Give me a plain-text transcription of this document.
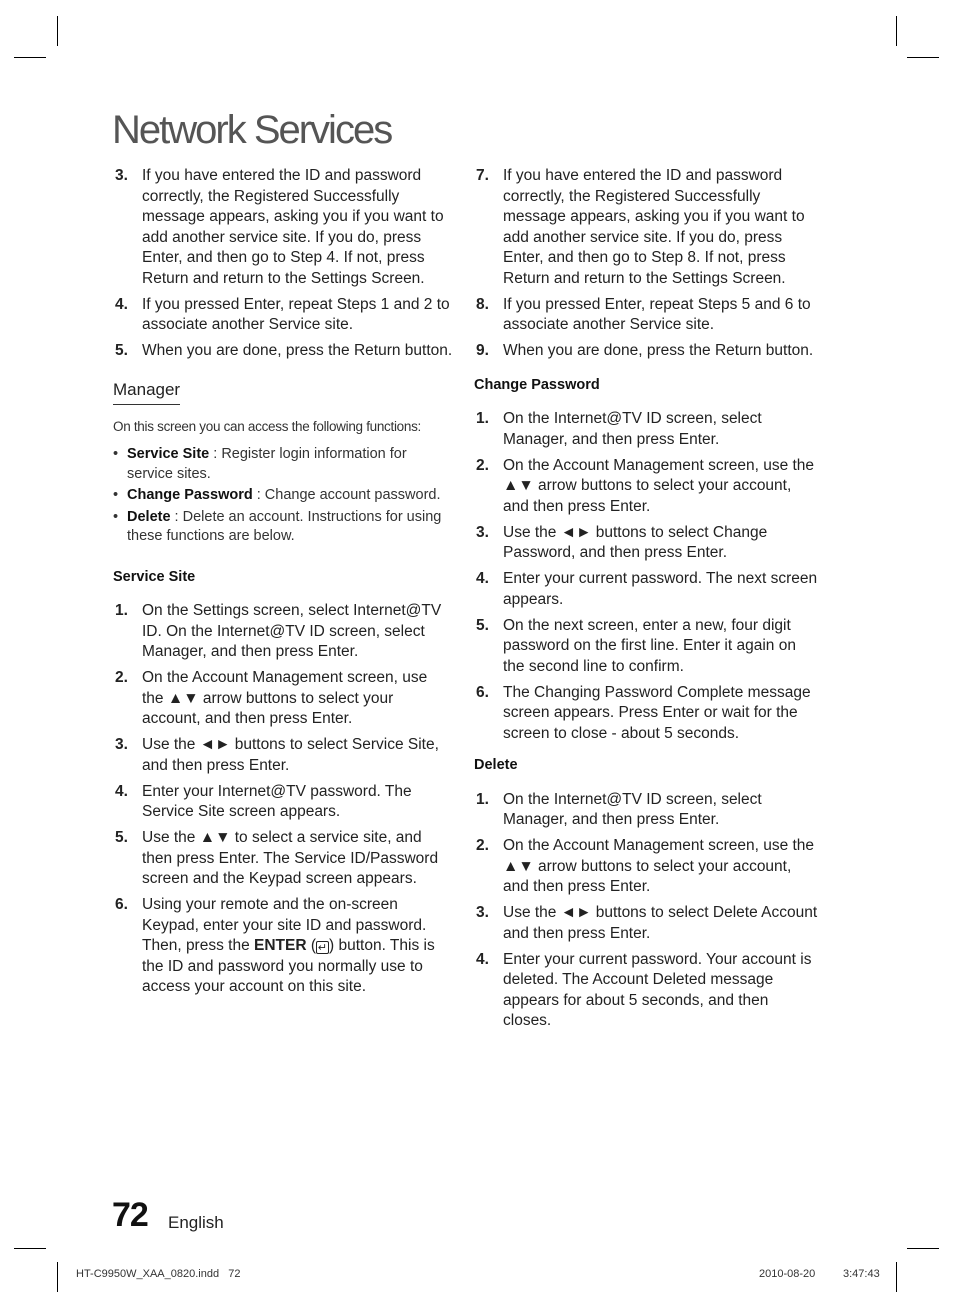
Network Services
3. If you have entered the ID and password correctly, the Registered Successfully message appears, asking you if you want to add another service site. If you do, press Enter, and then go to Step 4. If not, press Return and return to the Settings Screen.
4. If you pressed Enter, repeat Steps 1 and 2 to associate another Service site.
5. When you are done, press the Return button.
Manager

On this screen you can access the following functions:

• Service Site : Register login information for service sites.
• Change Password : Change account password.
• Delete : Delete an account. Instructions for using these functions are below.
Service Site
1. On the Settings screen, select Internet@TV ID. On the Internet@TV ID screen, select Manager, and then press Enter.
2. On the Account Management screen, use the ▲▼ arrow buttons to select your account, and then press Enter.
3. Use the ◄► buttons to select Service Site, and then press Enter.
4. Enter your Internet@TV password. The Service Site screen appears.
5. Use the ▲▼ to select a service site, and then press Enter. The Service ID/Password screen and the Keypad screen appears.
6. Using your remote and the on-screen Keypad, enter your site ID and password. Then, press the ENTER ( ↵ ) button. This is the ID and password you normally use to access your account on this site.
7. If you have entered the ID and password correctly, the Registered Successfully message appears, asking you if you want to add another service site. If you do, press Enter, and then go to Step 8. If not, press Return and return to the Settings Screen.
8. If you pressed Enter, repeat Steps 5 and 6 to associate another Service site.
9. When you are done, press the Return button.
Change Password
1. On the Internet@TV ID screen, select Manager, and then press Enter.
2. On the Account Management screen, use the ▲▼ arrow buttons to select your account, and then press Enter.
3. Use the ◄► buttons to select Change Password, and then press Enter.
4. Enter your current password. The next screen appears.
5. On the next screen, enter a new, four digit password on the first line. Enter it again on the second line to confirm.
6. The Changing Password Complete message screen appears. Press Enter or wait for the screen to close - about 5 seconds.
Delete
1. On the Internet@TV ID screen, select Manager, and then press Enter.
2. On the Account Management screen, use the ▲▼ arrow buttons to select your account, and then press Enter.
3. Use the ◄► buttons to select Delete Account and then press Enter.
4. Enter your current password. Your account is deleted. The Account Deleted message appears for about 5 seconds, and then closes.
72 English
HT-C9950W_XAA_0820.indd   72	2010-08-20	3:47:43
